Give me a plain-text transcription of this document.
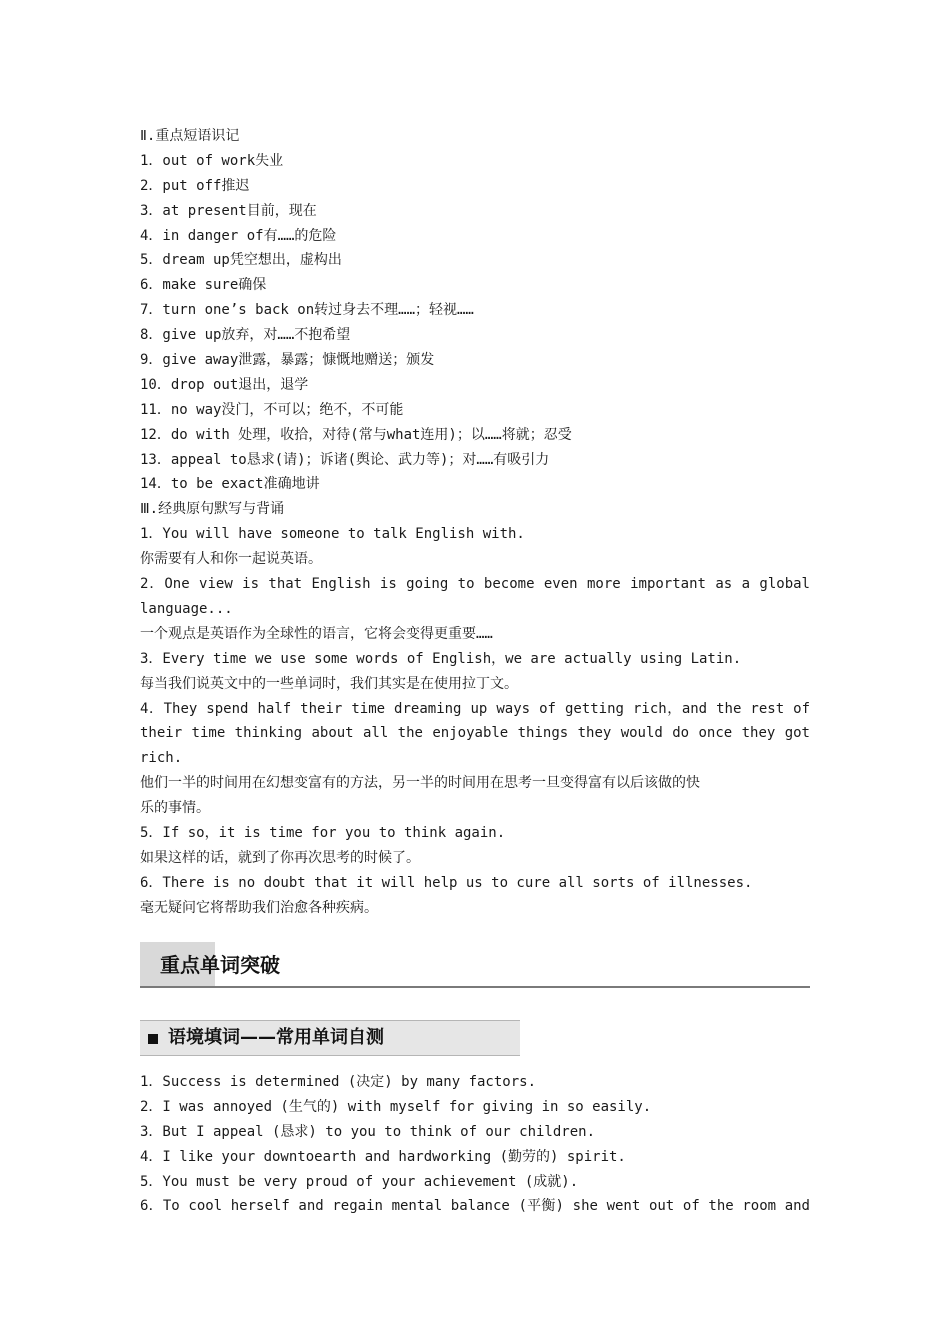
Ⅱ.重点短语识记
1．out of work失业
2．put off推迟
3．at present目前，现在
4．in danger of有……的危险
5．dream up凭空想出，虚构出
6．make sure确保
7．turn one’s back on转过身去不理……；轻视……
8．give up放弃，对……不抱希望
9．give away泄露，暴露；慷慨地赠送；颁发
10．drop out退出，退学
11．no way没门，不可以；绝不，不可能
12．do with 处理，收拾，对待(常与what连用)；以……将就；忍受
13．appeal to恳求(请)；诉诸(舆论、武力等)；对……有吸引力
14．to be exact准确地讲
Ⅲ.经典原句默写与背诵
1．You will have someone to talk English with.
你需要有人和你一起说英语。
2．One view is that English is going to become even more important as a global
language...
一个观点是英语作为全球性的语言，它将会变得更重要……
3．Every time we use some words of English，we are actually using Latin.
每当我们说英文中的一些单词时，我们其实是在使用拉丁文。
4．They spend half their time dreaming up ways of getting rich，and the rest of
their time thinking about all the enjoyable things they would do once they got
rich.
他们一半的时间用在幻想变富有的方法，另一半的时间用在思考一旦变得富有以后该做的快
乐的事情。
5．If so，it is time for you to think again.
如果这样的话，就到了你再次思考的时候了。
6．There is no doubt that it will help us to cure all sorts of illnesses.
毫无疑问它将帮助我们治愈各种疾病。
重点单词突破
语境填词——常用单词自测
1．Success is determined (决定) by many factors.
2．I was annoyed (生气的) with myself for giving in so easily.
3．But I appeal (恳求) to you to think of our children.
4．I like your downtoearth and hardworking (勤劳的) spirit.
5．You must be very proud of your achievement (成就).
6．To cool herself and regain mental balance (平衡) she went out of the room and
